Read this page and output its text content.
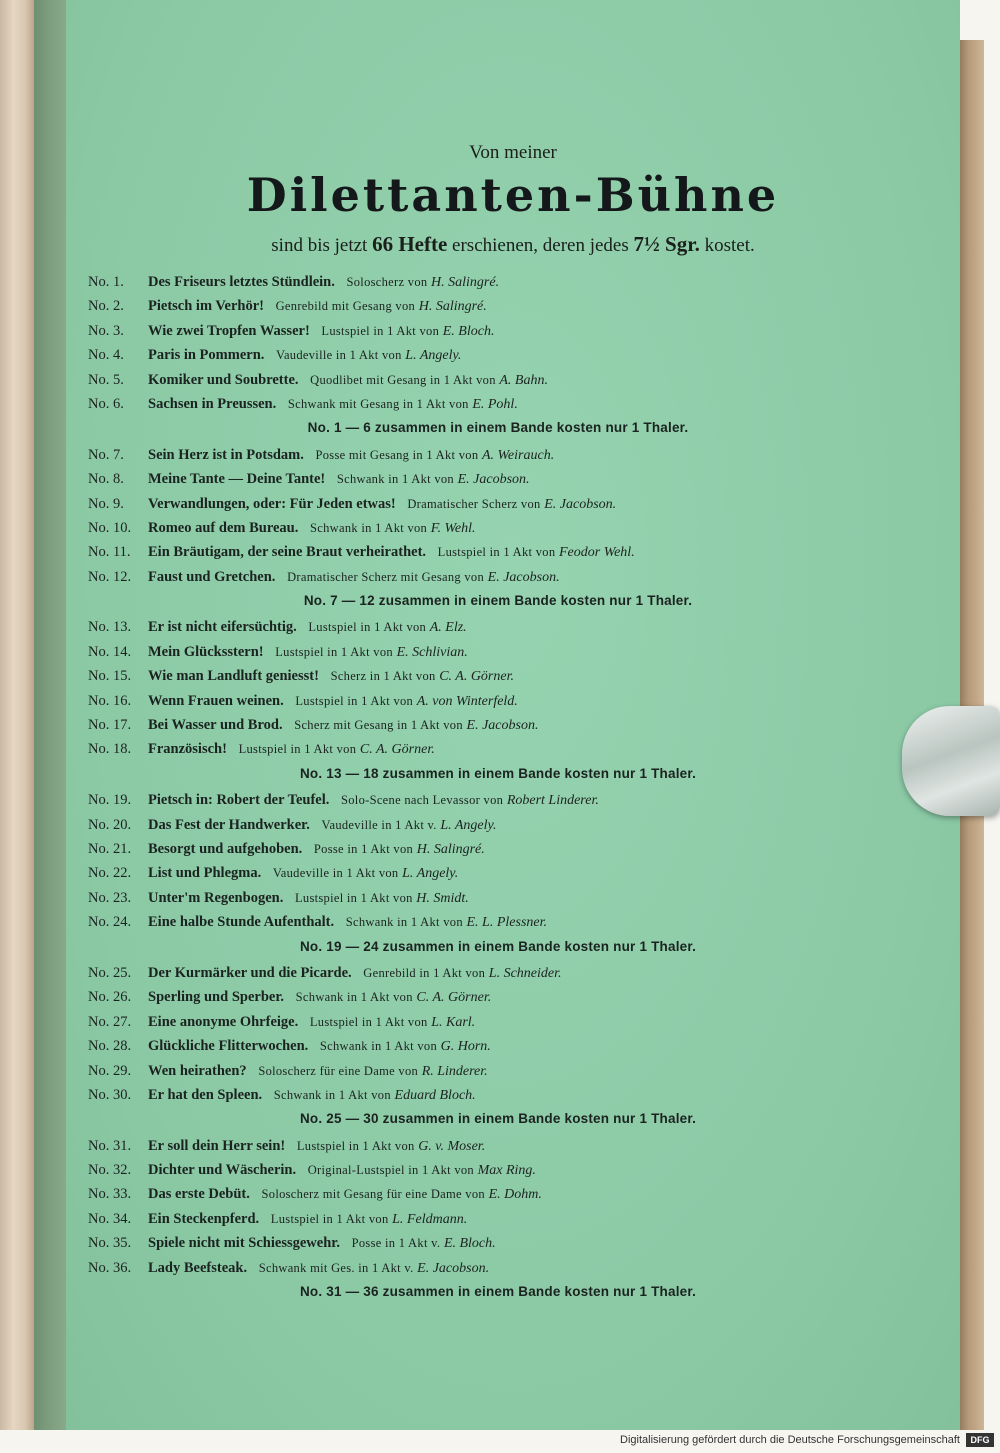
Von meiner
Dilettanten-Bühne
sind bis jetzt 66 Hefte erschienen, deren jedes 7½ Sgr. kostet.
No. 1. Des Friseurs letztes Stündlein. Soloscherz von H. Salingré.
No. 2. Pietsch im Verhör! Genrebild mit Gesang von H. Salingré.
No. 3. Wie zwei Tropfen Wasser! Lustspiel in 1 Akt von E. Bloch.
No. 4. Paris in Pommern. Vaudeville in 1 Akt von L. Angely.
No. 5. Komiker und Soubrette. Quodlibet mit Gesang in 1 Akt von A. Bahn.
No. 6. Sachsen in Preussen. Schwank mit Gesang in 1 Akt von E. Pohl.
No. 1 — 6 zusammen in einem Bande kosten nur 1 Thaler.
No. 7. Sein Herz ist in Potsdam. Posse mit Gesang in 1 Akt von A. Weirauch.
No. 8. Meine Tante — Deine Tante! Schwank in 1 Akt von E. Jacobson.
No. 9. Verwandlungen, oder: Für Jeden etwas! Dramatischer Scherz von E. Jacobson.
No. 10. Romeo auf dem Bureau. Schwank in 1 Akt von F. Wehl.
No. 11. Ein Bräutigam, der seine Braut verheirathet. Lustspiel in 1 Akt von Feodor Wehl.
No. 12. Faust und Gretchen. Dramatischer Scherz mit Gesang von E. Jacobson.
No. 7 — 12 zusammen in einem Bande kosten nur 1 Thaler.
No. 13. Er ist nicht eifersüchtig. Lustspiel in 1 Akt von A. Elz.
No. 14. Mein Glücksstern! Lustspiel in 1 Akt von E. Schlivian.
No. 15. Wie man Landluft geniesst! Scherz in 1 Akt von C. A. Görner.
No. 16. Wenn Frauen weinen. Lustspiel in 1 Akt von A. von Winterfeld.
No. 17. Bei Wasser und Brod. Scherz mit Gesang in 1 Akt von E. Jacobson.
No. 18. Französisch! Lustspiel in 1 Akt von C. A. Görner.
No. 13 — 18 zusammen in einem Bande kosten nur 1 Thaler.
No. 19. Pietsch in: Robert der Teufel. Solo-Scene nach Levassor von Robert Linderer.
No. 20. Das Fest der Handwerker. Vaudeville in 1 Akt v. L. Angely.
No. 21. Besorgt und aufgehoben. Posse in 1 Akt von H. Salingré.
No. 22. List und Phlegma. Vaudeville in 1 Akt von L. Angely.
No. 23. Unter'm Regenbogen. Lustspiel in 1 Akt von H. Smidt.
No. 24. Eine halbe Stunde Aufenthalt. Schwank in 1 Akt von E. L. Plessner.
No. 19 — 24 zusammen in einem Bande kosten nur 1 Thaler.
No. 25. Der Kurmärker und die Picarde. Genrebild in 1 Akt von L. Schneider.
No. 26. Sperling und Sperber. Schwank in 1 Akt von C. A. Görner.
No. 27. Eine anonyme Ohrfeige. Lustspiel in 1 Akt von L. Karl.
No. 28. Glückliche Flitterwochen. Schwank in 1 Akt von G. Horn.
No. 29. Wen heirathen? Soloscherz für eine Dame von R. Linderer.
No. 30. Er hat den Spleen. Schwank in 1 Akt von Eduard Bloch.
No. 25 — 30 zusammen in einem Bande kosten nur 1 Thaler.
No. 31. Er soll dein Herr sein! Lustspiel in 1 Akt von G. v. Moser.
No. 32. Dichter und Wäscherin. Original-Lustspiel in 1 Akt von Max Ring.
No. 33. Das erste Debüt. Soloscherz mit Gesang für eine Dame von E. Dohm.
No. 34. Ein Steckenpferd. Lustspiel in 1 Akt von L. Feldmann.
No. 35. Spiele nicht mit Schiessgewehr. Posse in 1 Akt v. E. Bloch.
No. 36. Lady Beefsteak. Schwank mit Ges. in 1 Akt v. E. Jacobson.
No. 31 — 36 zusammen in einem Bande kosten nur 1 Thaler.
Digitalisierung gefördert durch die Deutsche Forschungsgemeinschaft	DFG
